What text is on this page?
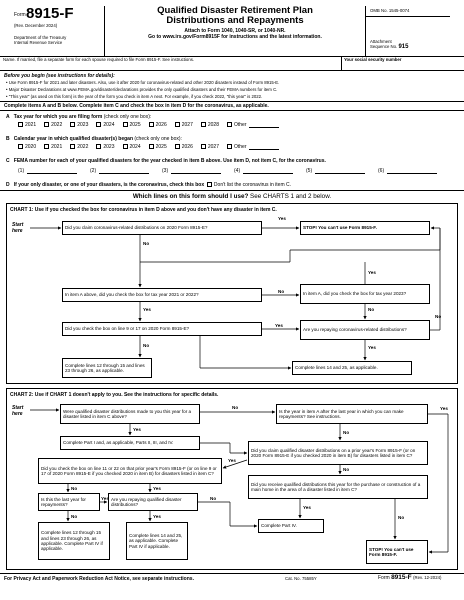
Form 8915-F
(Rev. December 2024)
Department of the Treasury
Internal Revenue Service
Qualified Disaster Retirement Plan
Distributions and Repayments
Attach to Form 1040, 1040-SR, or 1040-NR.
Go to www.irs.gov/Form8915F for instructions and the latest information.
OMB No. 1545-0074
Attachment
Sequence No. 915
Name. If married, file a separate form for each spouse required to file Form 8915-F. See instructions.	Your social security number
Before you begin (see instructions for details):
• Use Form 8915-F for 2021 and later disasters. Also, use it after 2020 for coronavirus-related and other 2020 disasters instead of Form 8915-E.
• Major Disaster Declarations at www.FEMA.gov/disaster/declarations provides the only qualified disasters and their FEMA numbers for item C.
• "This year" (as used on this form) is the year of the form you check in item A next. For example, if you check 2022, "this year" is 2022.
Complete items A and B below. Complete item C and check the box in item D for the coronavirus, as applicable.
A Tax year for which you are filing form (check only one box):
2021	2022	2023	2024	2025	2026	2027	2028	Other
B Calendar year in which qualified disaster(s) began (check only one box):
2020	2021	2022	2023	2024	2025	2026	2027	Other
C FEMA number for each of your qualified disasters for the year checked in item B above. Use item D, not item C, for the coronavirus.
(1)	(2)	(3)	(4)	(5)	(6)
D If your only disaster, or one of your disasters, is the coronavirus, check this box Don't list the coronavirus in item C.
Which lines on this form should I use? See CHARTS 1 and 2 below.
CHART 1: Use if you checked the box for coronavirus in item D above and you don't have any disaster in item C.
Start
here	Did you claim coronavirus-related distributions on 2020 Form 8915-E?	STOP! You can't use Form 8915-F.
In item A above, did you check the box for tax year 2021 or 2022?	In item A, did you check the box for tax year 2023?
Did you check the box on line 9 or 17 on 2020 Form 8915-E?	Are you repaying coronavirus-related distributions?
Complete lines 12 through 15 and lines 23 through 26, as applicable.
Complete lines 14 and 25, as applicable.
Yes
No
No
Yes
Yes	No
Yes
No	Yes
No
CHART 2: Use if CHART 1 doesn't apply to you. See the instructions for specific details.
Start
here	Were qualified disaster distributions made to you this year for a disaster listed in item C above?
Is the year in item A after the last year in which you can make repayments? See instructions.
Complete Part I and, as applicable, Parts II, III, and IV.
Did you claim qualified disaster distributions on a prior year's Form 8915-F (or on 2020 Form 8915-E if you checked 2020 in item B) for disasters listed in item C?
Did you check the box on line 11 or 22 on that prior year's Form 8915-F (or on line 9 or 17 of 2020 Form 8915-E if you checked 2020 in item B) for disasters listed in item C?
Did you receive qualified distributions this year for the purchase or construction of a main home in the area of a disaster listed in item C?
Is this the last year for repayments?
Are you repaying qualified disaster distributions?
Complete Part IV.
Complete lines 12 through 15 and lines 23 through 26, as applicable. Complete Part IV if applicable.
Complete lines 14 and 25, as applicable. Complete Part IV if applicable.
STOP! You can't use Form 8915-F.
No	Yes
Yes
No
Yes
No
No	Yes
Yes
No	Yes
No
Yes
No
For Privacy Act and Paperwork Reduction Act Notice, see separate instructions.	Cat. No. 75585Y	Form 8915-F (Rev. 12-2024)
